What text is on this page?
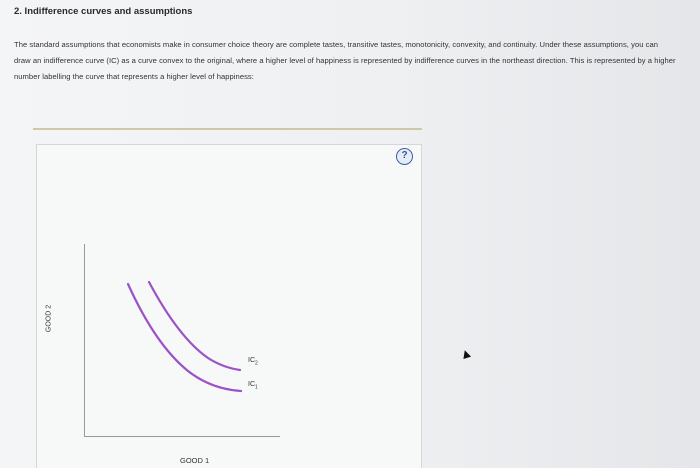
2. Indifference curves and assumptions
The standard assumptions that economists make in consumer choice theory are complete tastes, transitive tastes, monotonicity, convexity, and continuity. Under these assumptions, you can draw an indifference curve (IC) as a curve convex to the original, where a higher level of happiness is represented by indifference curves in the northeast direction. This is represented by a higher number labelling the curve that represents a higher level of happiness:
?
GOOD 2
GOOD 1
$IC_2$
$IC_1$
